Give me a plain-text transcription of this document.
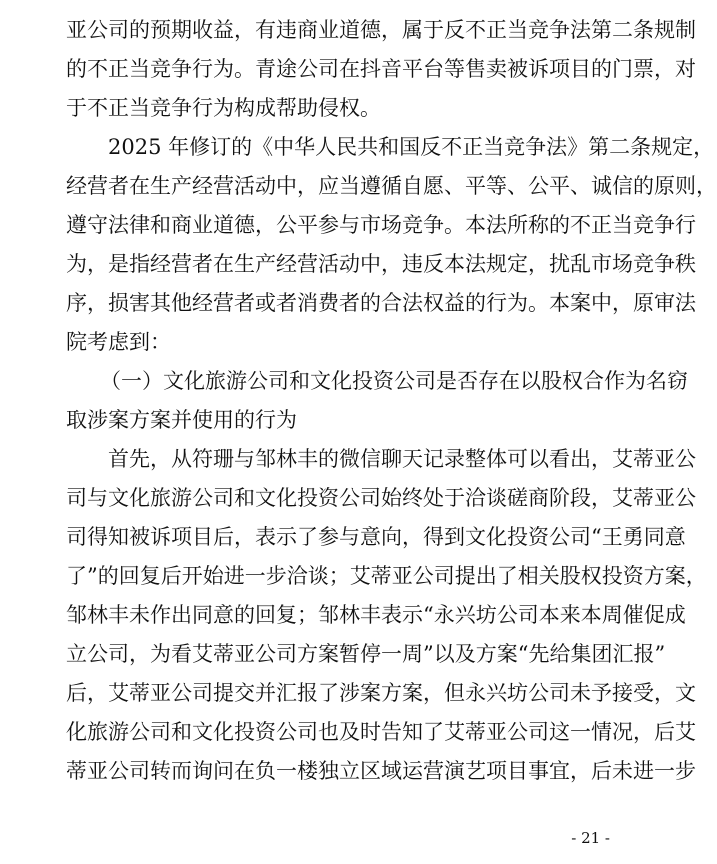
亚公司的预期收益，有违商业道德，属于反不正当竞争法第二条规制
的不正当竞争行为。青途公司在抖音平台等售卖被诉项目的门票，对
于不正当竞争行为构成帮助侵权。
2025 年修订的《中华人民共和国反不正当竞争法》第二条规定，
经营者在生产经营活动中，应当遵循自愿、平等、公平、诚信的原则，
遵守法律和商业道德，公平参与市场竞争。本法所称的不正当竞争行
为，是指经营者在生产经营活动中，违反本法规定，扰乱市场竞争秩
序，损害其他经营者或者消费者的合法权益的行为。本案中，原审法
院考虑到：
（一）文化旅游公司和文化投资公司是否存在以股权合作为名窃
取涉案方案并使用的行为
首先，从符珊与邹林丰的微信聊天记录整体可以看出，艾蒂亚公
司与文化旅游公司和文化投资公司始终处于洽谈磋商阶段，艾蒂亚公
司得知被诉项目后，表示了参与意向，得到文化投资公司“王勇同意
了”的回复后开始进一步洽谈；艾蒂亚公司提出了相关股权投资方案，
邹林丰未作出同意的回复；邹林丰表示“永兴坊公司本来本周催促成
立公司，为看艾蒂亚公司方案暂停一周”以及方案“先给集团汇报”
后，艾蒂亚公司提交并汇报了涉案方案，但永兴坊公司未予接受，文
化旅游公司和文化投资公司也及时告知了艾蒂亚公司这一情况，后艾
蒂亚公司转而询问在负一楼独立区域运营演艺项目事宜，后未进一步
- 21 -
